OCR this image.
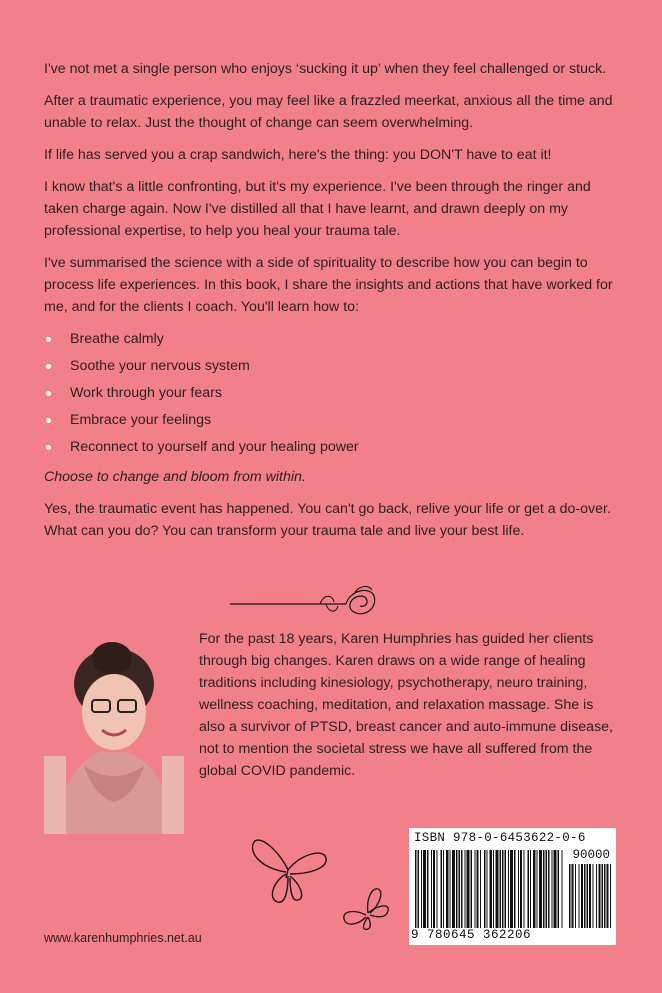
I've not met a single person who enjoys ‘sucking it up’ when they feel challenged or stuck.

After a traumatic experience, you may feel like a frazzled meerkat, anxious all the time and unable to relax. Just the thought of change can seem overwhelming.

If life has served you a crap sandwich, here's the thing: you DON'T have to eat it!

I know that's a little confronting, but it's my experience. I've been through the ringer and taken charge again. Now I've distilled all that I have learnt, and drawn deeply on my professional expertise, to help you heal your trauma tale.

I've summarised the science with a side of spirituality to describe how you can begin to process life experiences. In this book, I share the insights and actions that have worked for me, and for the clients I coach. You'll learn how to:

Breathe calmly
Soothe your nervous system
Work through your fears
Embrace your feelings
Reconnect to yourself and your healing power

Choose to change and bloom from within.

Yes, the traumatic event has happened. You can't go back, relive your life or get a do-over. What can you do? You can transform your trauma tale and live your best life.

For the past 18 years, Karen Humphries has guided her clients through big changes. Karen draws on a wide range of healing traditions including kinesiology, psychotherapy, neuro training, wellness coaching, meditation, and relaxation massage. She is also a survivor of PTSD, breast cancer and auto-immune disease, not to mention the societal stress we have all suffered from the global COVID pandemic.
www.karenhumphries.net.au
ISBN 978-0-6453622-0-6
90000
9 780645 362206
